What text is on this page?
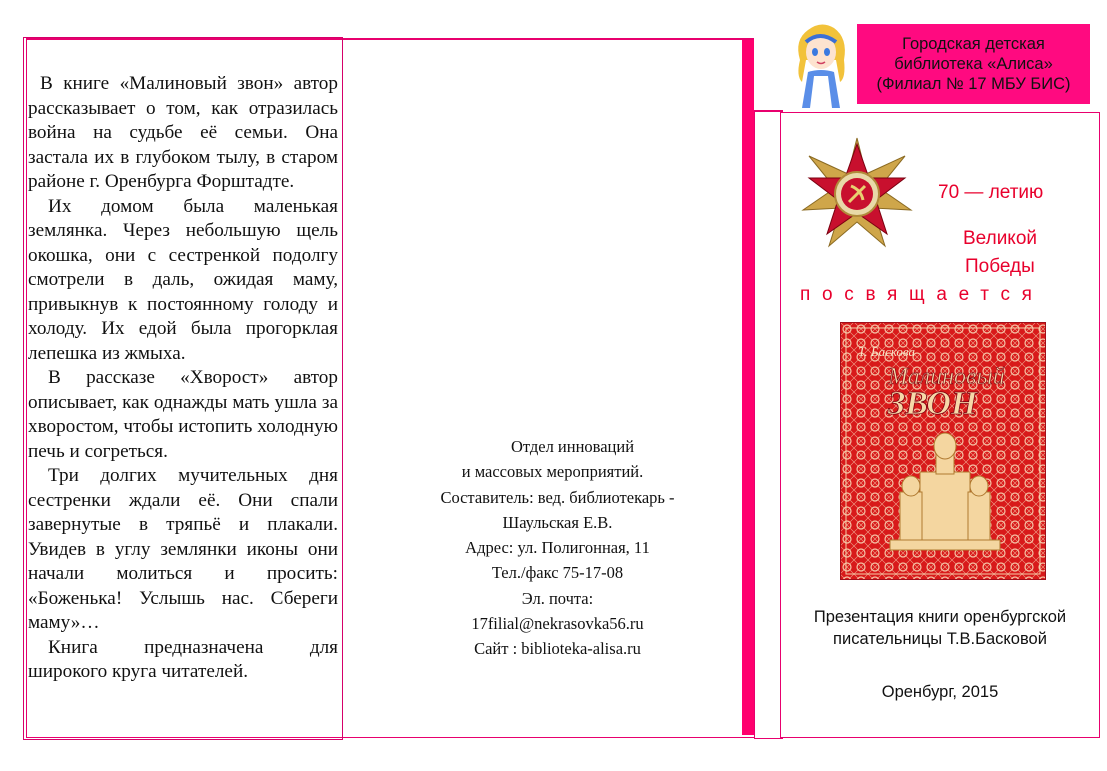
В книге «Малиновый звон» автор рассказывает о том, как отразилась война на судьбе её семьи. Она застала их в глубоком тылу, в старом районе г. Оренбурга Форштадте.

Их домом была маленькая землянка. Через небольшую щель окошка, они с сестренкой подолгу смотрели в даль, ожидая маму, привыкнув к постоянному голоду и холоду. Их едой была прогорклая лепешка из жмыха.

В рассказе «Хворост» автор описывает, как однажды мать ушла за хворостом, чтобы истопить холодную печь и согреться.

Три долгих мучительных дня сестренки ждали её. Они спали завернутые в тряпьё и плакали. Увидев в углу землянки иконы они начали молиться и просить: «Боженька! Услышь нас. Сбереги маму»…

Книга предназначена для широкого круга читателей.

Отдел инноваций
и массовых мероприятий.
Составитель: вед. библиотекарь -
Шаульская Е.В.
Адрес: ул. Полигонная, 11
Тел./факс 75-17-08
Эл. почта:
17filial@nekrasovka56.ru
Сайт : biblioteka-alisa.ru
Городская детская
библиотека «Алиса»
(Филиал № 17 МБУ БИС)
70 — летию
Великой
Победы
посвящается
Т. Баскова
Малиновый
ЗВОН
Презентация книги оренбургской
писательницы Т.В.Басковой
Оренбург, 2015
